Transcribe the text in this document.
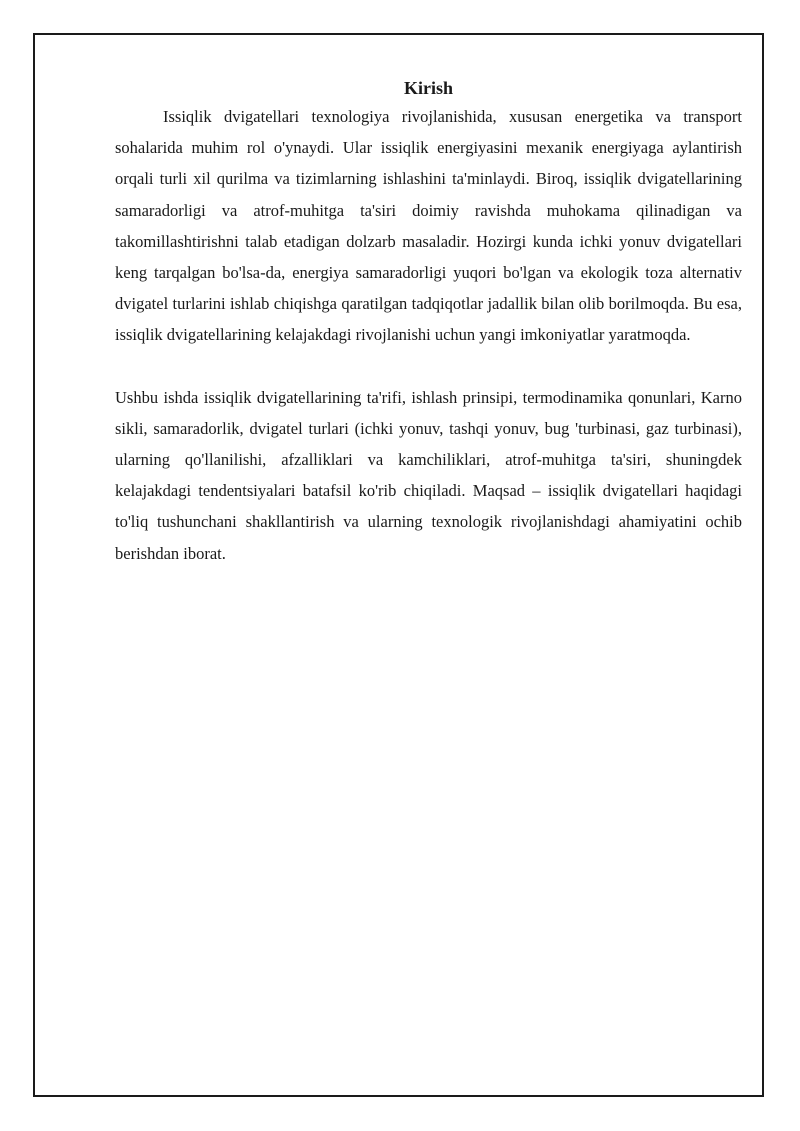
Kirish

Issiqlik dvigatellari texnologiya rivojlanishida, xususan energetika va transport sohalarida muhim rol o'ynaydi. Ular issiqlik energiyasini mexanik energiyaga aylantirish orqali turli xil qurilma va tizimlarning ishlashini ta'minlaydi. Biroq, issiqlik dvigatellarining samaradorligi va atrof-muhitga ta'siri doimiy ravishda muhokama qilinadigan va takomillashtirishni talab etadigan dolzarb masaladir. Hozirgi kunda ichki yonuv dvigatellari keng tarqalgan bo'lsa-da, energiya samaradorligi yuqori bo'lgan va ekologik toza alternativ dvigatel turlarini ishlab chiqishga qaratilgan tadqiqotlar jadallik bilan olib borilmoqda. Bu esa, issiqlik dvigatellarining kelajakdagi rivojlanishi uchun yangi imkoniyatlar yaratmoqda.

Ushbu ishda issiqlik dvigatellarining ta'rifi, ishlash prinsipi, termodinamika qonunlari, Karno sikli, samaradorlik, dvigatel turlari (ichki yonuv, tashqi yonuv, bug 'turbinasi, gaz turbinasi), ularning qo'llanilishi, afzalliklari va kamchiliklari, atrof-muhitga ta'siri, shuningdek kelajakdagi tendentsiyalari batafsil ko'rib chiqiladi. Maqsad – issiqlik dvigatellari haqidagi to'liq tushunchani shakllantirish va ularning texnologik rivojlanishdagi ahamiyatini ochib berishdan iborat.
